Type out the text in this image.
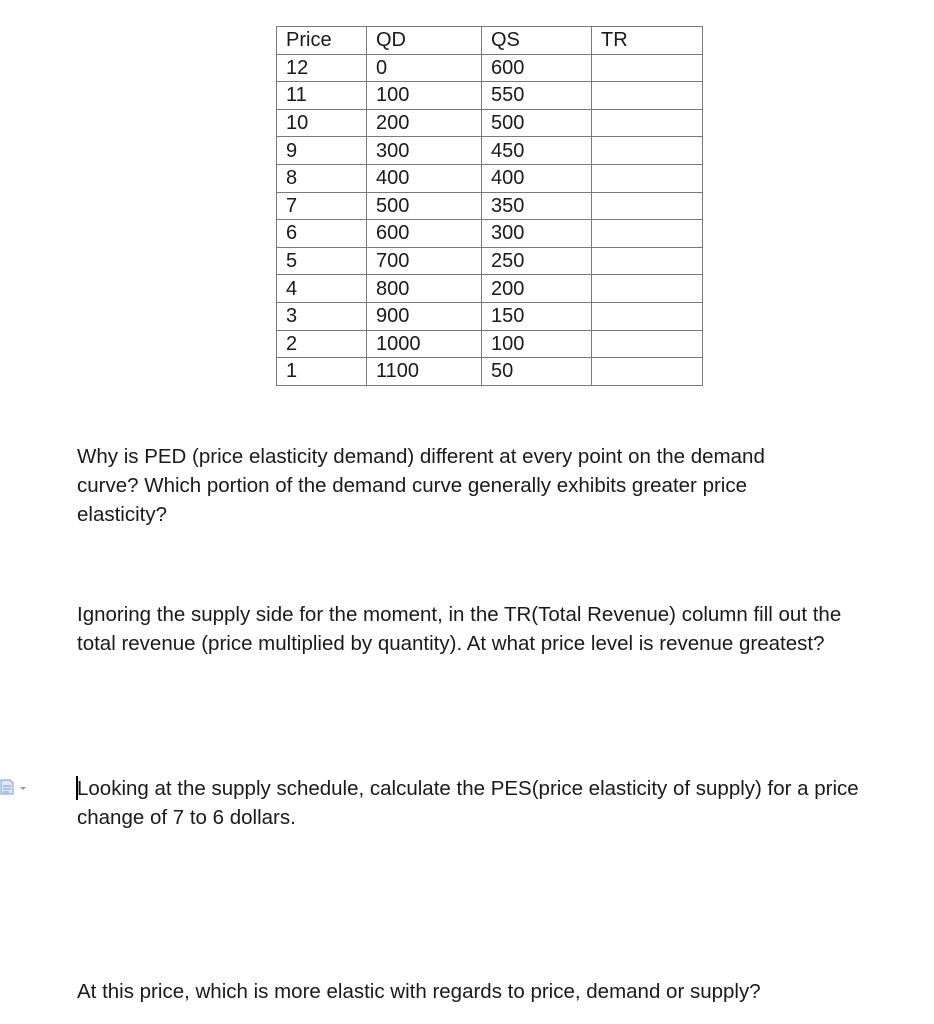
Price	QD	QS	TR
12	0	600	
11	100	550	
10	200	500	
9	300	450	
8	400	400	
7	500	350	
6	600	300	
5	700	250	
4	800	200	
3	900	150	
2	1000	100	
1	1100	50	

Why is PED (price elasticity demand) different at every point on the demand curve? Which portion of the demand curve generally exhibits greater price elasticity?

Ignoring the supply side for the moment, in the TR(Total Revenue) column fill out the total revenue (price multiplied by quantity). At what price level is revenue greatest?

Looking at the supply schedule, calculate the PES(price elasticity of supply) for a price change of 7 to 6 dollars.

At this price, which is more elastic with regards to price, demand or supply?
